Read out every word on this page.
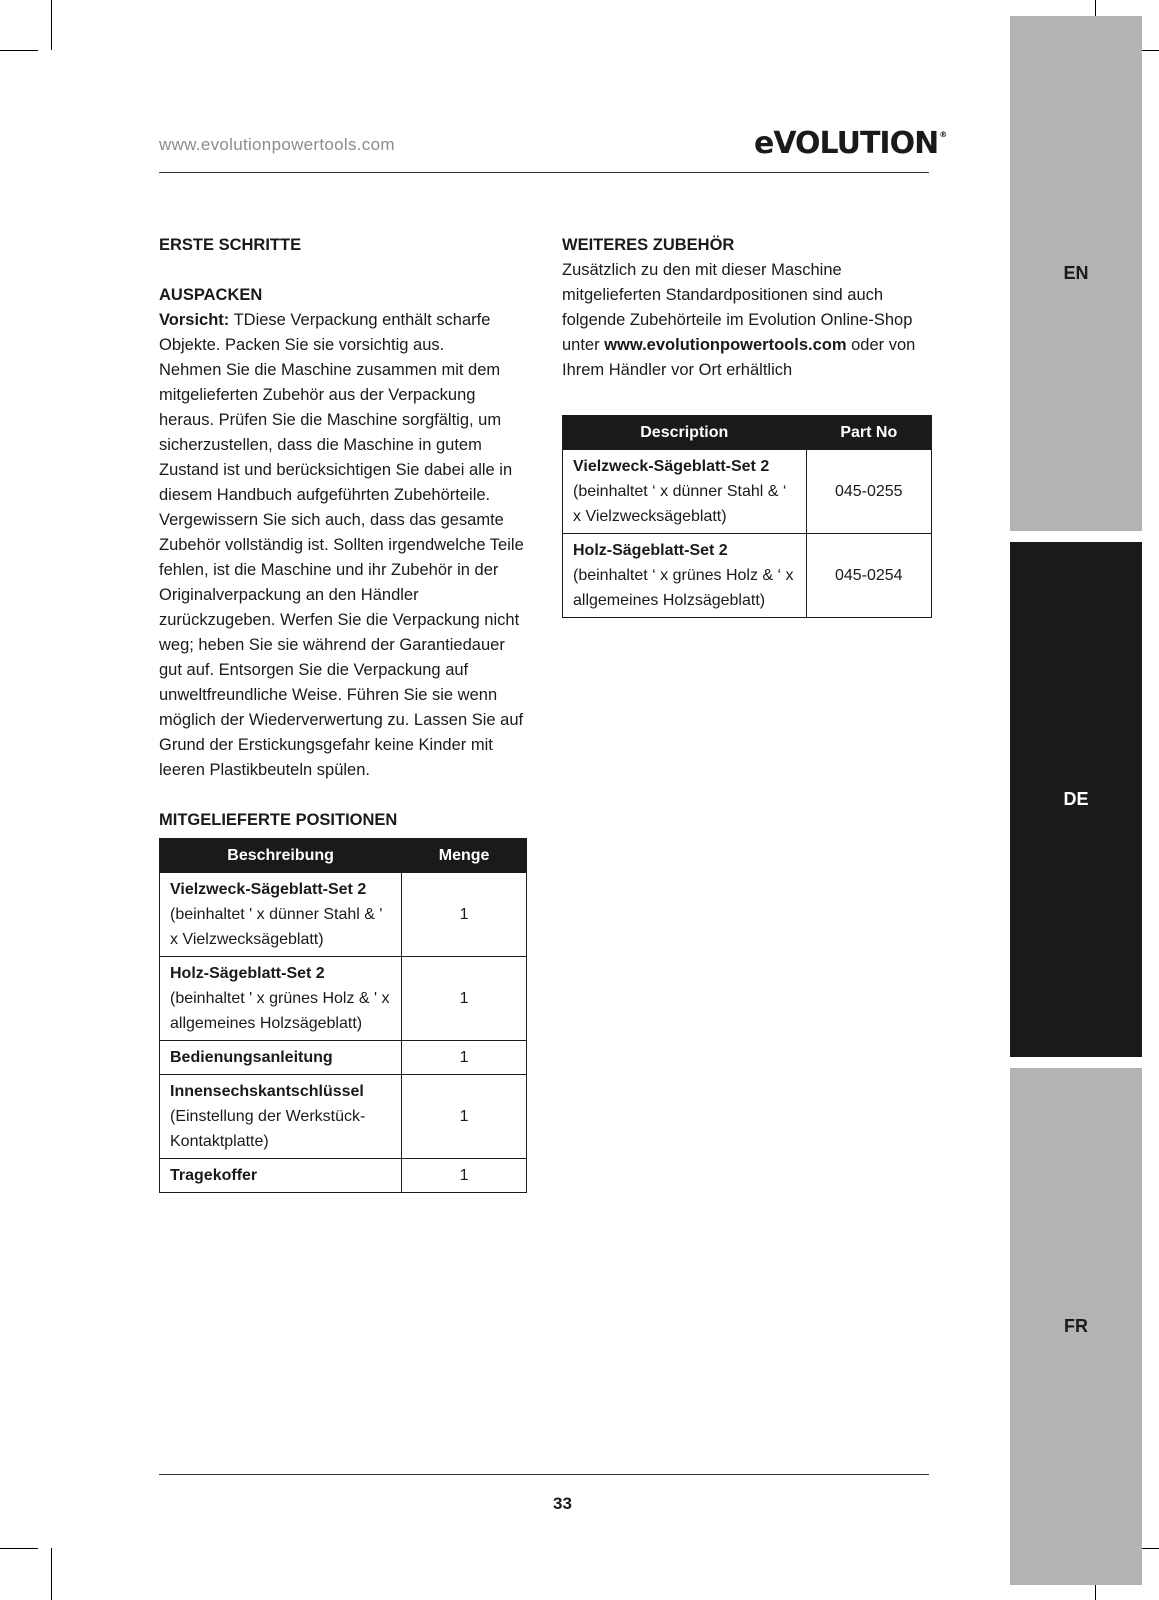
EN
DE
FR
www.evolutionpowertools.com	eVOLUTION®

ERSTE SCHRITTE

AUSPACKEN

Vorsicht: TDiese Verpackung enthält scharfe Objekte. Packen Sie sie vorsichtig aus.

Nehmen Sie die Maschine zusammen mit dem mitgelieferten Zubehör aus der Verpackung heraus. Prüfen Sie die Maschine sorgfältig, um sicherzustellen, dass die Maschine in gutem Zustand ist und berücksichtigen Sie dabei alle in diesem Handbuch aufgeführten Zubehörteile. Vergewissern Sie sich auch, dass das gesamte Zubehör vollständig ist. Sollten irgendwelche Teile fehlen, ist die Maschine und ihr Zubehör in der Originalverpackung an den Händler zurückzugeben. Werfen Sie die Verpackung nicht weg; heben Sie sie während der Garantiedauer gut auf. Entsorgen Sie die Verpackung auf unweltfreundliche Weise. Führen Sie sie wenn möglich der Wiederverwertung zu. Lassen Sie auf Grund der Erstickungsgefahr keine Kinder mit leeren Plastikbeuteln spülen.

MITGELIEFERTE POSITIONEN

Beschreibung	Menge
Vielzweck-Sägeblatt-Set 2 (beinhaltet ' x dünner Stahl & ' x Vielzwecksägeblatt)	1
Holz-Sägeblatt-Set 2 (beinhaltet ' x grünes Holz & ' x allgemeines Holzsägeblatt)	1
Bedienungsanleitung	1
Innensechskantschlüssel (Einstellung der Werkstück-Kontaktplatte)	1
Tragekoffer	1

WEITERES ZUBEHÖR

Zusätzlich zu den mit dieser Maschine mitgelieferten Standardpositionen sind auch folgende Zubehörteile im Evolution Online-Shop unter www.evolutionpowertools.com oder von Ihrem Händler vor Ort erhältlich

Description	Part No
Vielzweck-Sägeblatt-Set 2 (beinhaltet ‘ x dünner Stahl & ‘ x Vielzwecksägeblatt)	045-0255
Holz-Sägeblatt-Set 2 (beinhaltet ‘ x grünes Holz & ‘ x allgemeines Holzsägeblatt)	045-0254
33
